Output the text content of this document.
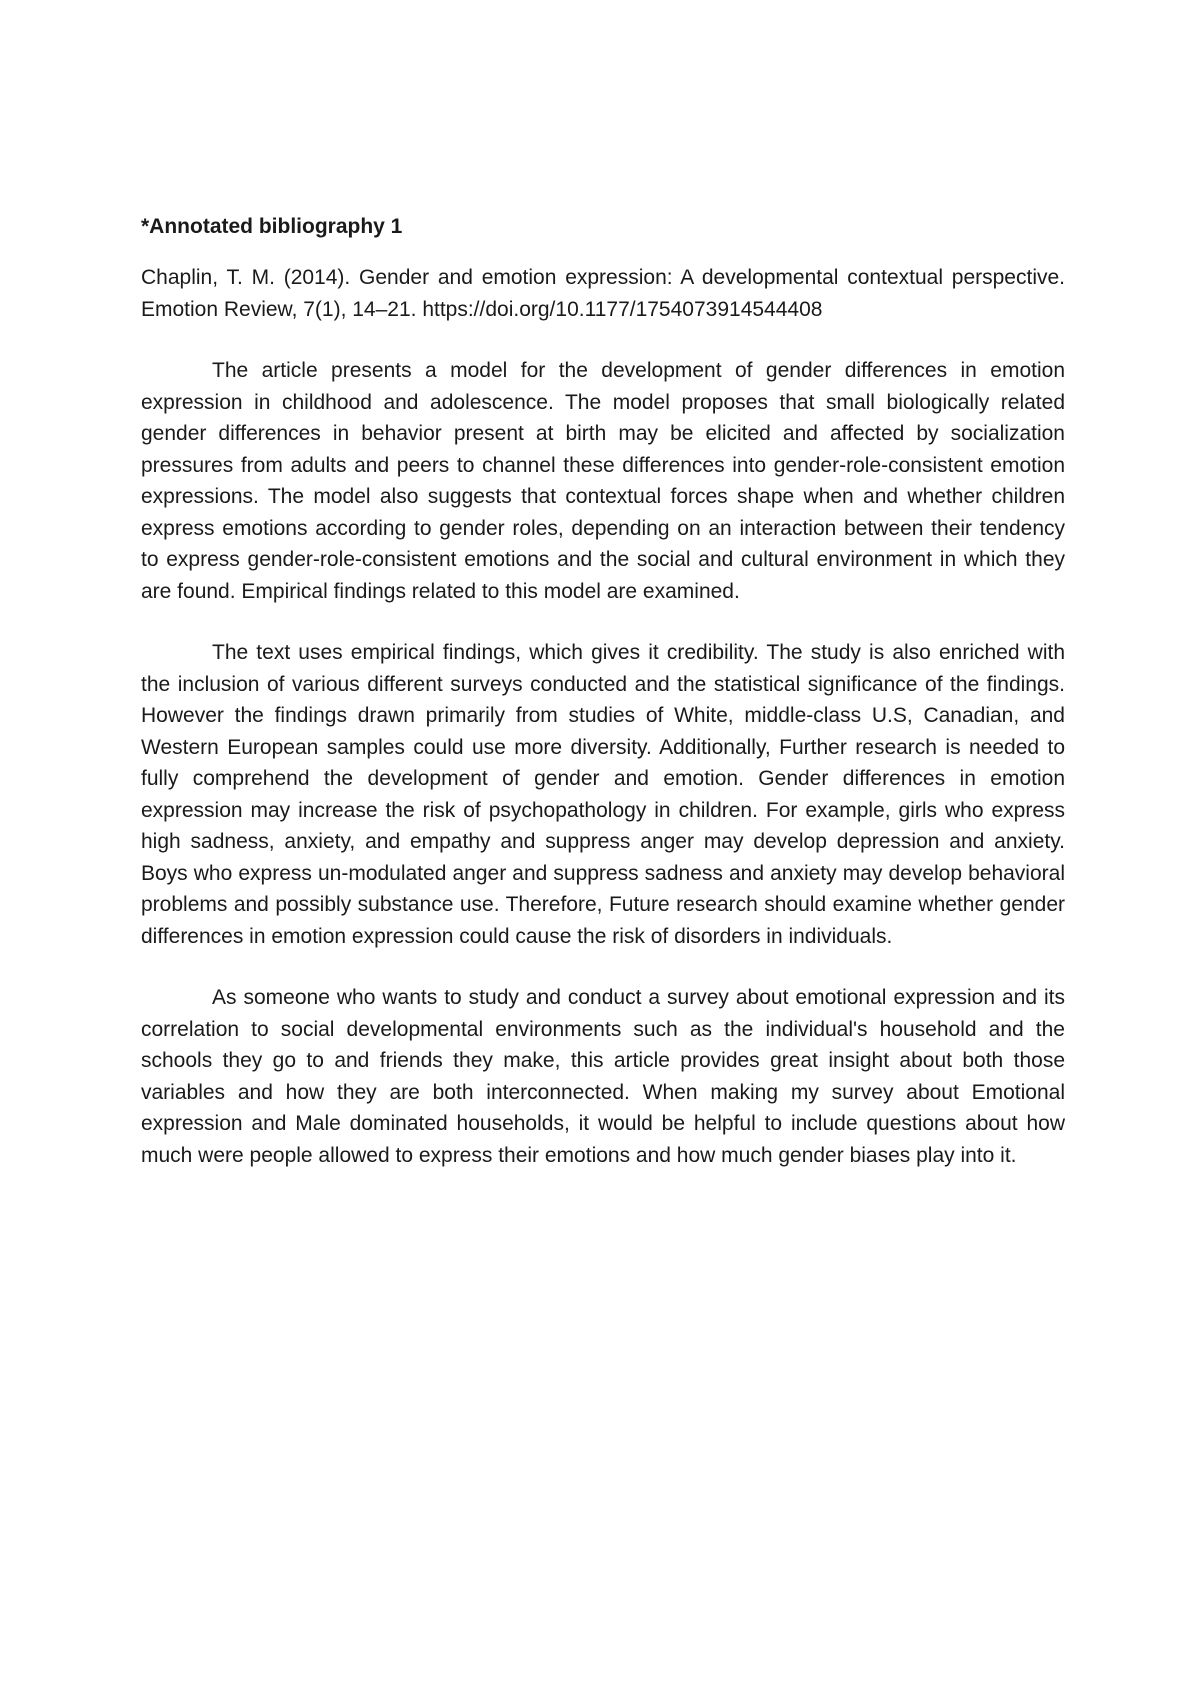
*Annotated bibliography 1
Chaplin, T. M. (2014). Gender and emotion expression: A developmental contextual perspective. Emotion Review, 7(1), 14–21. https://doi.org/10.1177/1754073914544408

The article presents a model for the development of gender differences in emotion expression in childhood and adolescence. The model proposes that small biologically related gender differences in behavior present at birth may be elicited and affected by socialization pressures from adults and peers to channel these differences into gender-role-consistent emotion expressions. The model also suggests that contextual forces shape when and whether children express emotions according to gender roles, depending on an interaction between their tendency to express gender-role-consistent emotions and the social and cultural environment in which they are found. Empirical findings related to this model are examined.

The text uses empirical findings, which gives it credibility. The study is also enriched with the inclusion of various different surveys conducted and the statistical significance of the findings. However the findings drawn primarily from studies of White, middle-class U.S, Canadian, and Western European samples could use more diversity. Additionally, Further research is needed to fully comprehend the development of gender and emotion. Gender differences in emotion expression may increase the risk of psychopathology in children. For example, girls who express high sadness, anxiety, and empathy and suppress anger may develop depression and anxiety. Boys who express un-modulated anger and suppress sadness and anxiety may develop behavioral problems and possibly substance use. Therefore, Future research should examine whether gender differences in emotion expression could cause the risk of disorders in individuals.

As someone who wants to study and conduct a survey about emotional expression and its correlation to social developmental environments such as the individual's household and the schools they go to and friends they make, this article provides great insight about both those variables and how they are both interconnected. When making my survey about Emotional expression and Male dominated households, it would be helpful to include questions about how much were people allowed to express their emotions and how much gender biases play into it.
